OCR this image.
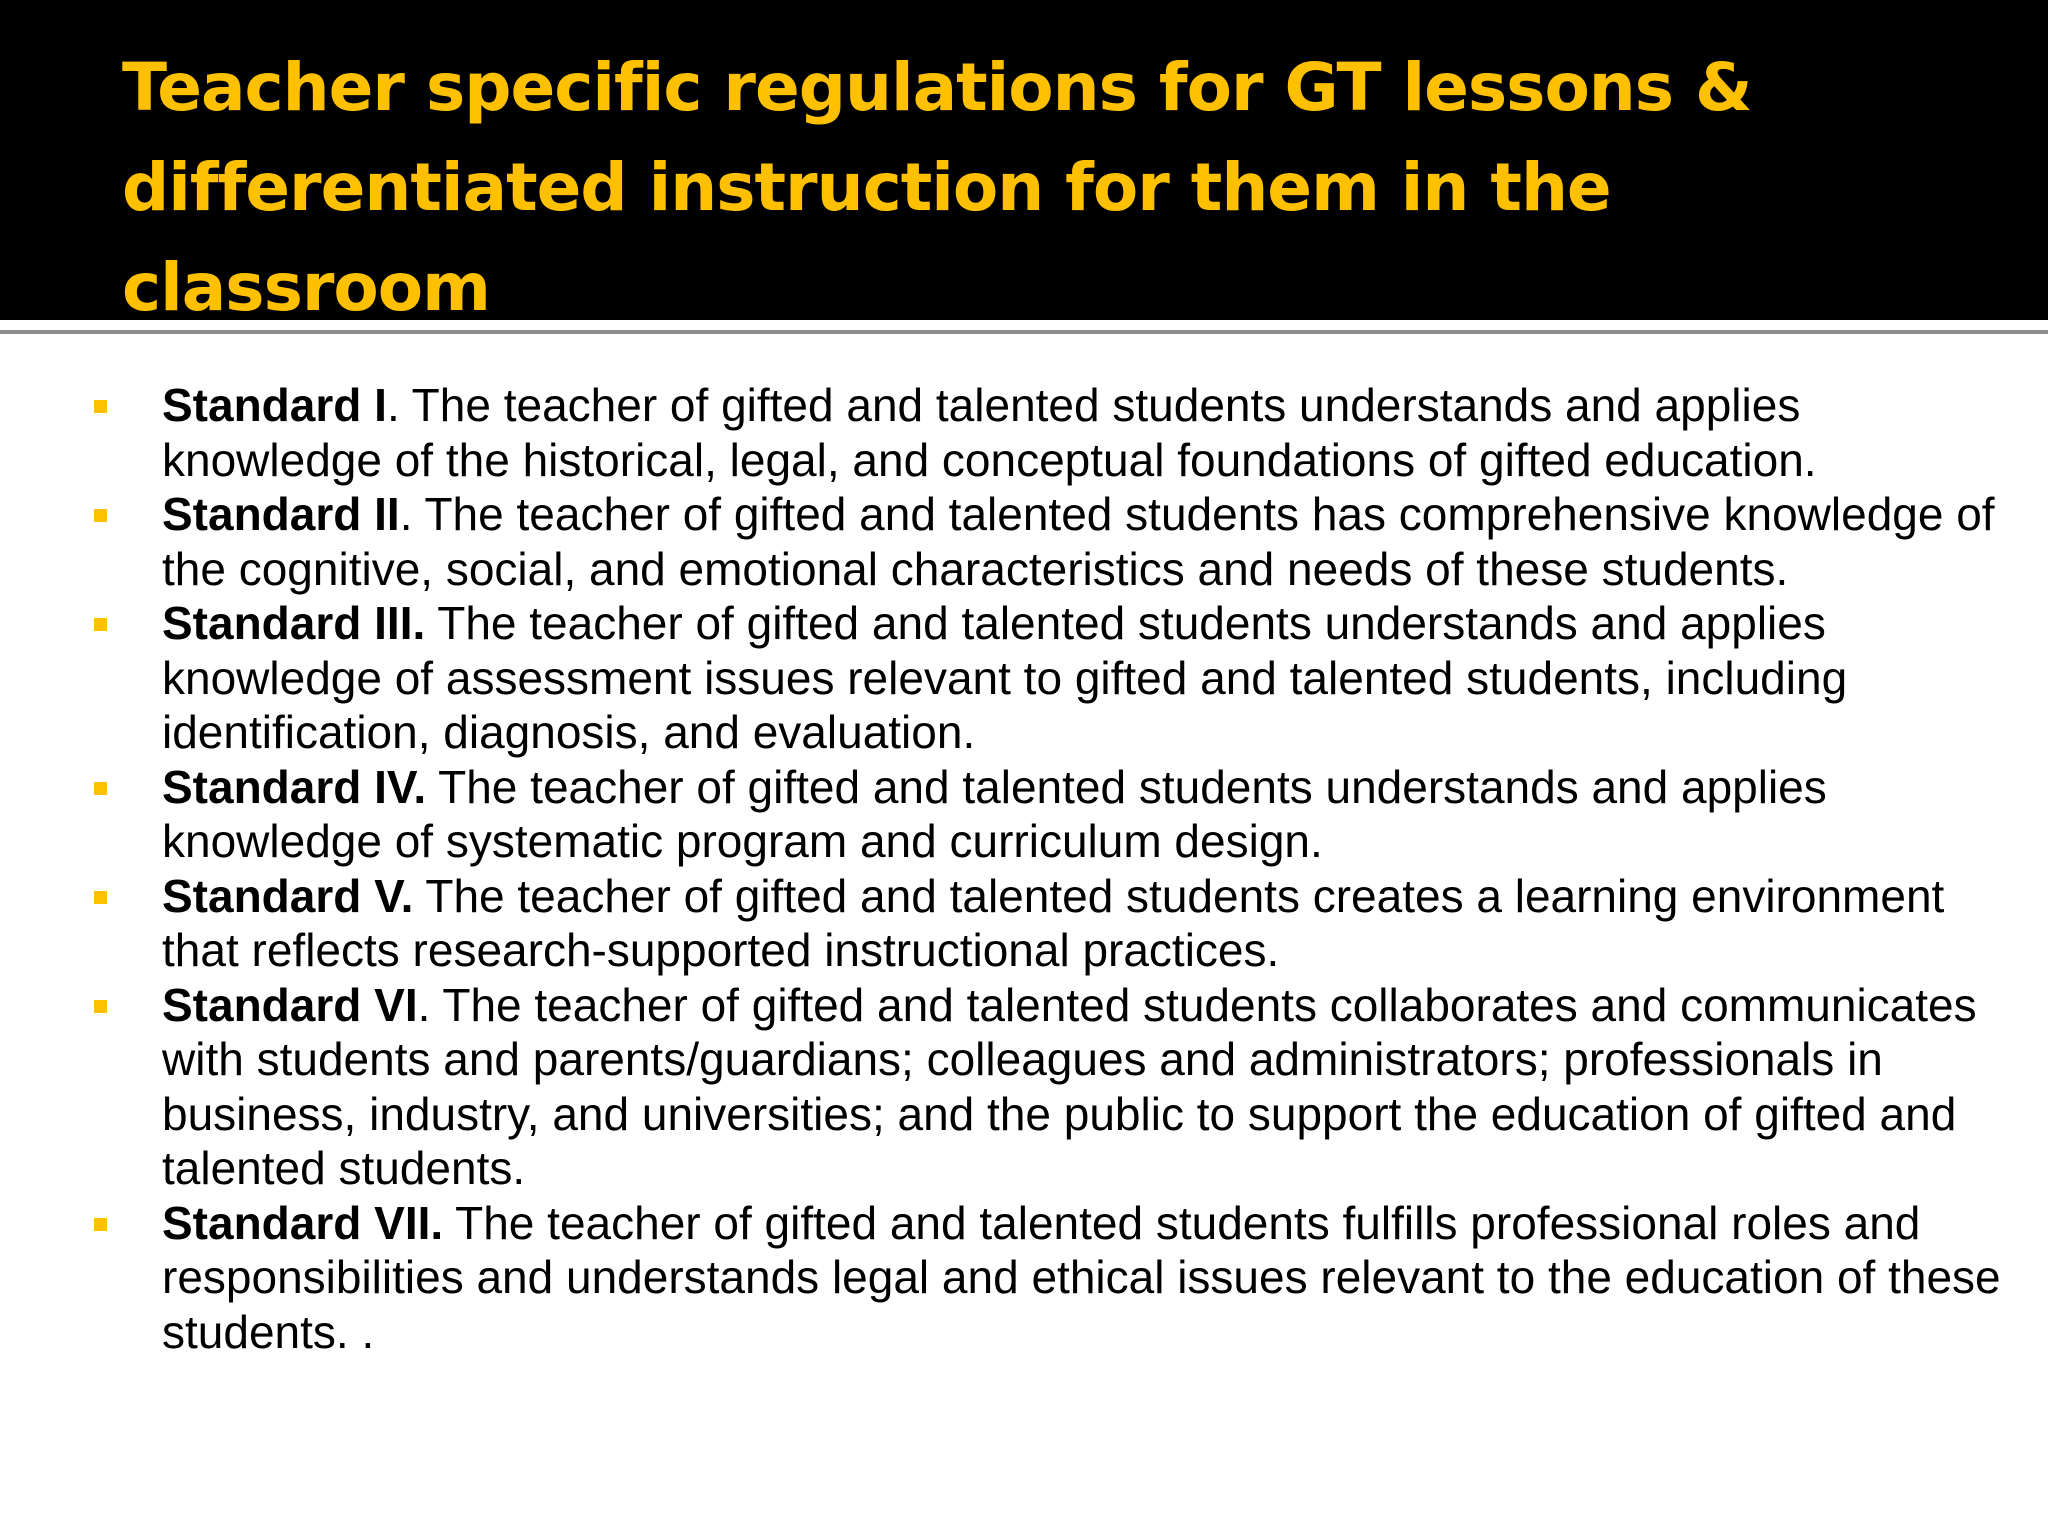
Teacher specific regulations for GT lessons & differentiated instruction for them in the classroom
Standard I. The teacher of gifted and talented students understands and applies knowledge of the historical, legal, and conceptual foundations of gifted education.
Standard II. The teacher of gifted and talented students has comprehensive knowledge of the cognitive, social, and emotional characteristics and needs of these students.
Standard III. The teacher of gifted and talented students understands and applies knowledge of assessment issues relevant to gifted and talented students, including identification, diagnosis, and evaluation.
Standard IV. The teacher of gifted and talented students understands and applies knowledge of systematic program and curriculum design.
Standard V. The teacher of gifted and talented students creates a learning environment that reflects research-supported instructional practices.
Standard VI. The teacher of gifted and talented students collaborates and communicates with students and parents/guardians; colleagues and administrators; professionals in business, industry, and universities; and the public to support the education of gifted and talented students.
Standard VII. The teacher of gifted and talented students fulfills professional roles and responsibilities and understands legal and ethical issues relevant to the education of these students. .
